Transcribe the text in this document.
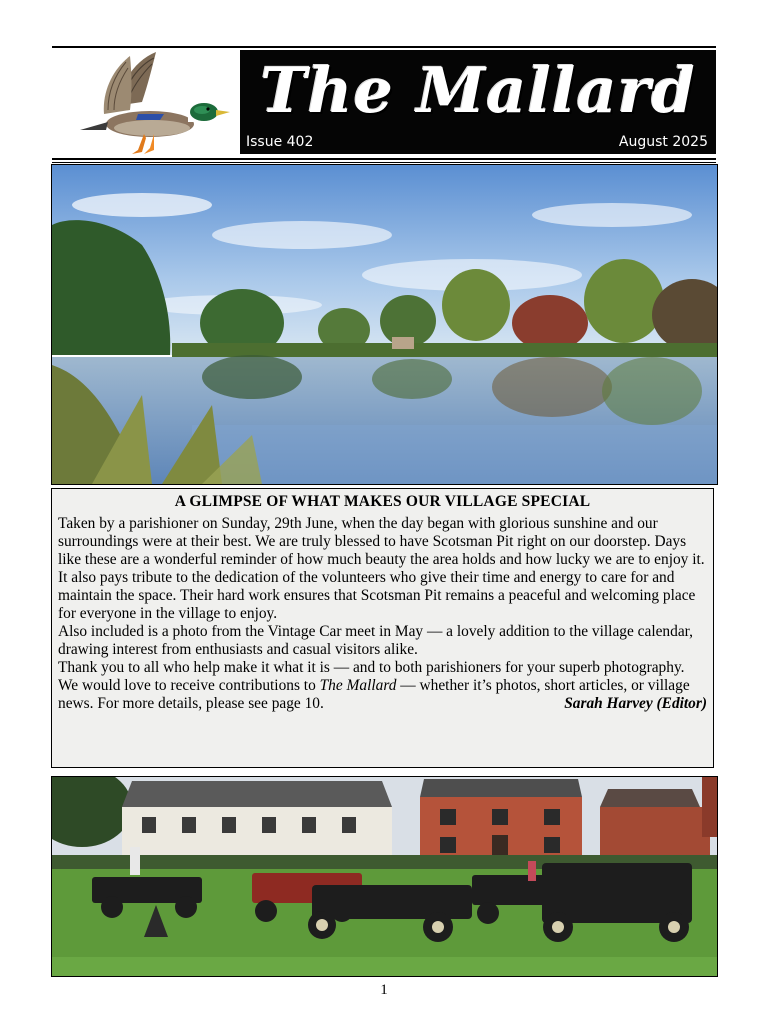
The Mallard
Issue 402	August 2025

A GLIMPSE OF WHAT MAKES OUR VILLAGE SPECIAL

Taken by a parishioner on Sunday, 29th June, when the day began with glorious sunshine and our surroundings were at their best. We are truly blessed to have Scotsman Pit right on our doorstep. Days like these are a wonderful reminder of how much beauty the area holds and how lucky we are to enjoy it. It also pays tribute to the dedication of the volunteers who give their time and energy to care for and maintain the space. Their hard work ensures that Scotsman Pit remains a peaceful and welcoming place for everyone in the village to enjoy.

Also included is a photo from the Vintage Car meet in May — a lovely addition to the village calendar, drawing interest from enthusiasts and casual visitors alike.

Thank you to all who help make it what it is — and to both parishioners for your superb photography.

We would love to receive contributions to The Mallard — whether it’s photos, short articles, or village news. For more details, please see page 10.	Sarah Harvey (Editor)

1
